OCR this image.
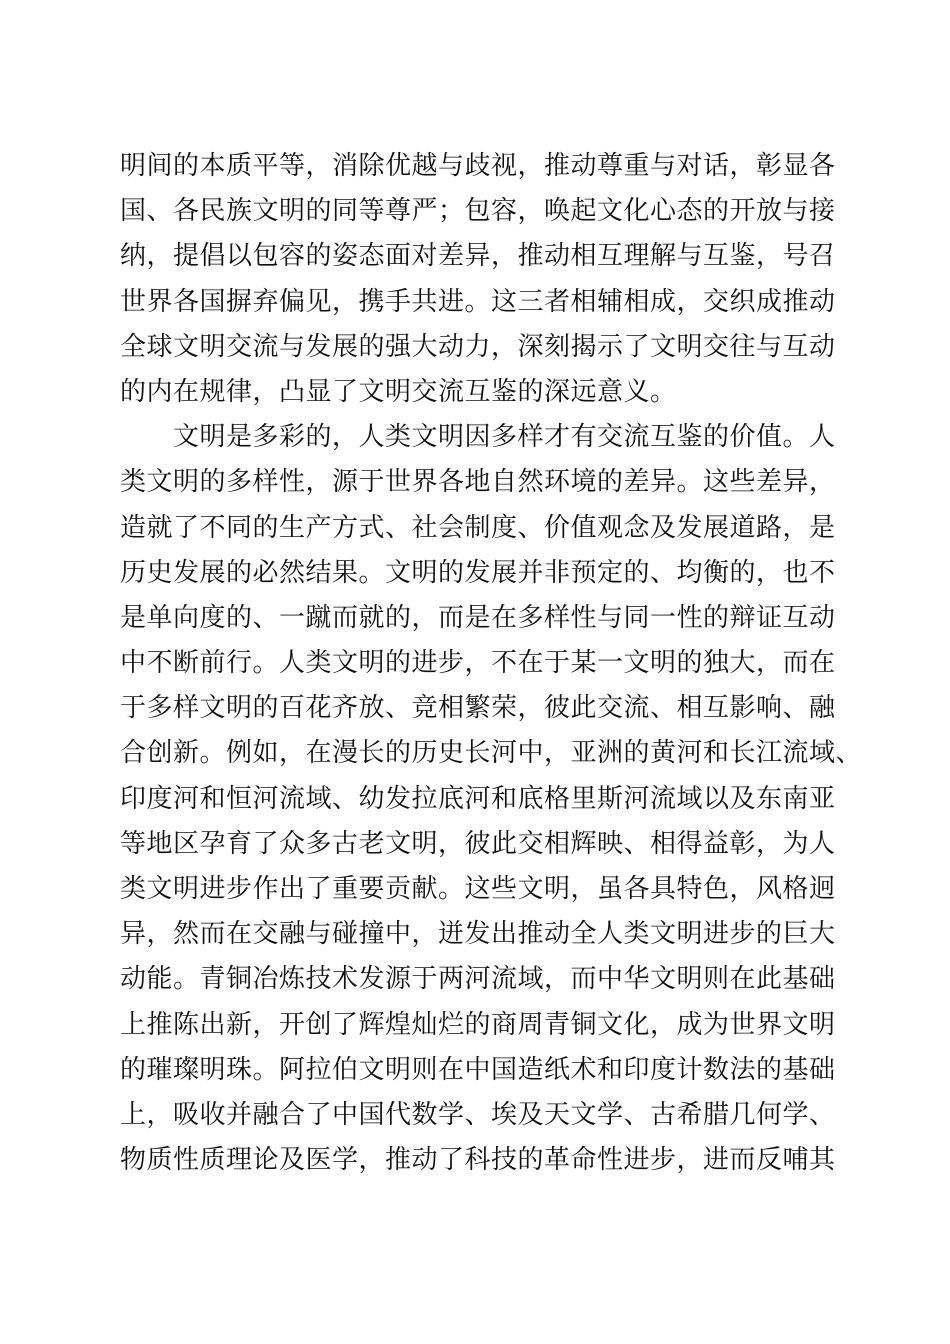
明间的本质平等，消除优越与歧视，推动尊重与对话，彰显各
国、各民族文明的同等尊严；包容，唤起文化心态的开放与接
纳，提倡以包容的姿态面对差异，推动相互理解与互鉴，号召
世界各国摒弃偏见，携手共进。这三者相辅相成，交织成推动
全球文明交流与发展的强大动力，深刻揭示了文明交往与互动
的内在规律，凸显了文明交流互鉴的深远意义。
　　文明是多彩的，人类文明因多样才有交流互鉴的价值。人
类文明的多样性，源于世界各地自然环境的差异。这些差异，
造就了不同的生产方式、社会制度、价值观念及发展道路，是
历史发展的必然结果。文明的发展并非预定的、均衡的，也不
是单向度的、一蹴而就的，而是在多样性与同一性的辩证互动
中不断前行。人类文明的进步，不在于某一文明的独大，而在
于多样文明的百花齐放、竞相繁荣，彼此交流、相互影响、融
合创新。例如，在漫长的历史长河中，亚洲的黄河和长江流域、
印度河和恒河流域、幼发拉底河和底格里斯河流域以及东南亚
等地区孕育了众多古老文明，彼此交相辉映、相得益彰，为人
类文明进步作出了重要贡献。这些文明，虽各具特色，风格迥
异，然而在交融与碰撞中，迸发出推动全人类文明进步的巨大
动能。青铜冶炼技术发源于两河流域，而中华文明则在此基础
上推陈出新，开创了辉煌灿烂的商周青铜文化，成为世界文明
的璀璨明珠。阿拉伯文明则在中国造纸术和印度计数法的基础
上，吸收并融合了中国代数学、埃及天文学、古希腊几何学、
物质性质理论及医学，推动了科技的革命性进步，进而反哺其
